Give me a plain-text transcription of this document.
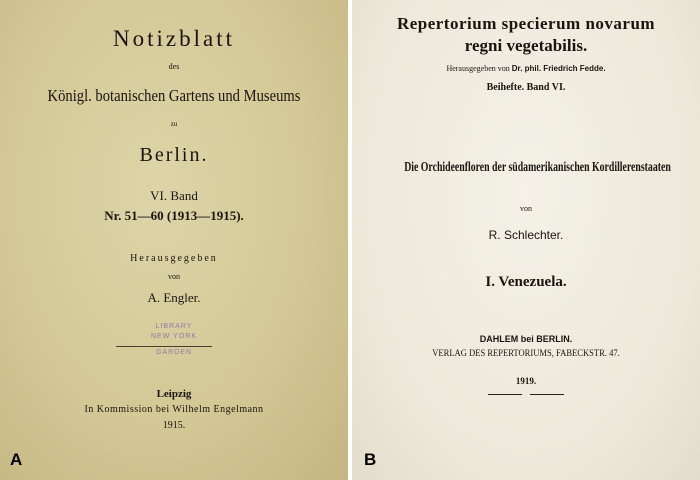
Notizblatt

des

Königl. botanischen Gartens und Museums

zu

Berlin.

VI. Band

Nr. 51—60 (1913—1915).

Herausgegeben

von

A. Engler.

LIBRARY
NEW YORK
GARDEN

Leipzig

In Kommission bei Wilhelm Engelmann

1915.

A

Repertorium specierum novarum

regni vegetabilis.

Herausgegeben von Dr. phil. Friedrich Fedde.

Beihefte. Band VI.

Die Orchideenfloren der südamerikanischen Kordillerenstaaten

von

R. Schlechter.

I. Venezuela.

DAHLEM bei BERLIN.

VERLAG DES REPERTORIUMS, FABECKSTR. 47.

1919.

B
